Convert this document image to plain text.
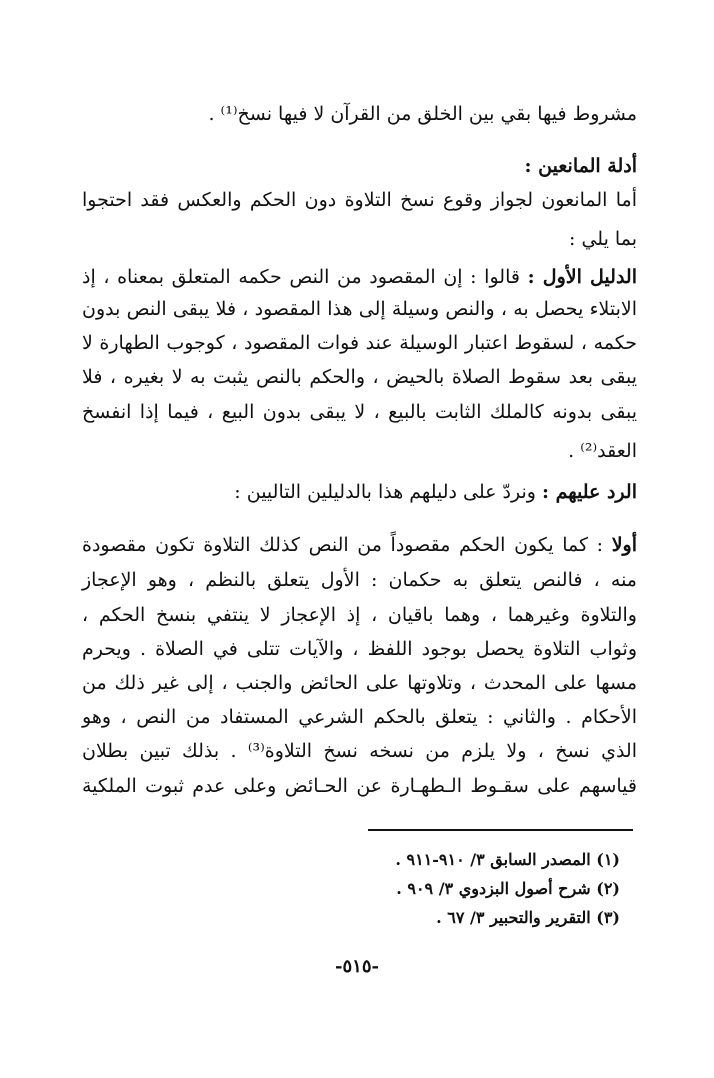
مشروط فيها بقي بين الخلق من القرآن لا فيها نسخ⁽¹⁾ .
أدلة المانعين :
أما المانعون لجواز وقوع نسخ التلاوة دون الحكم والعكس فقد احتجوا
بما يلي :
الدليل الأول : قالوا : إن المقصود من النص حكمه المتعلق بمعناه ، إذ
الابتلاء يحصل به ، والنص وسيلة إلى هذا المقصود ، فلا يبقى النص بدون
حكمه ، لسقوط اعتبار الوسيلة عند فوات المقصود ، كوجوب الطهارة لا
يبقى بعد سقوط الصلاة بالحيض ، والحكم بالنص يثبت به لا بغيره ، فلا
يبقى بدونه كالملك الثابت بالبيع ، لا يبقى بدون البيع ، فيما إذا انفسخ
العقد⁽²⁾ .
الرد عليهم : ونردّ على دليلهم هذا بالدليلين التاليين :
أولا : كما يكون الحكم مقصوداً من النص كذلك التلاوة تكون مقصودة
منه ، فالنص يتعلق به حكمان : الأول يتعلق بالنظم ، وهو الإعجاز
والتلاوة وغيرهما ، وهما باقيان ، إذ الإعجاز لا ينتفي بنسخ الحكم ،
وثواب التلاوة يحصل بوجود اللفظ ، والآيات تتلى في الصلاة . ويحرم
مسها على المحدث ، وتلاوتها على الحائض والجنب ، إلى غير ذلك من
الأحكام . والثاني : يتعلق بالحكم الشرعي المستفاد من النص ، وهو
الذي نسخ ، ولا يلزم من نسخه نسخ التلاوة⁽³⁾ . بذلك تبين بطلان
قياسهم على سقـوط الـطهـارة عن الحـائض وعلى عدم ثبوت الملكية
(١) المصدر السابق ٣/ ٩١٠-٩١١ .
(٢) شرح أصول البزدوي ٣/ ٩٠٩ .
(٣) التقرير والتحبير ٣/ ٦٧ .
-٥١٥-
